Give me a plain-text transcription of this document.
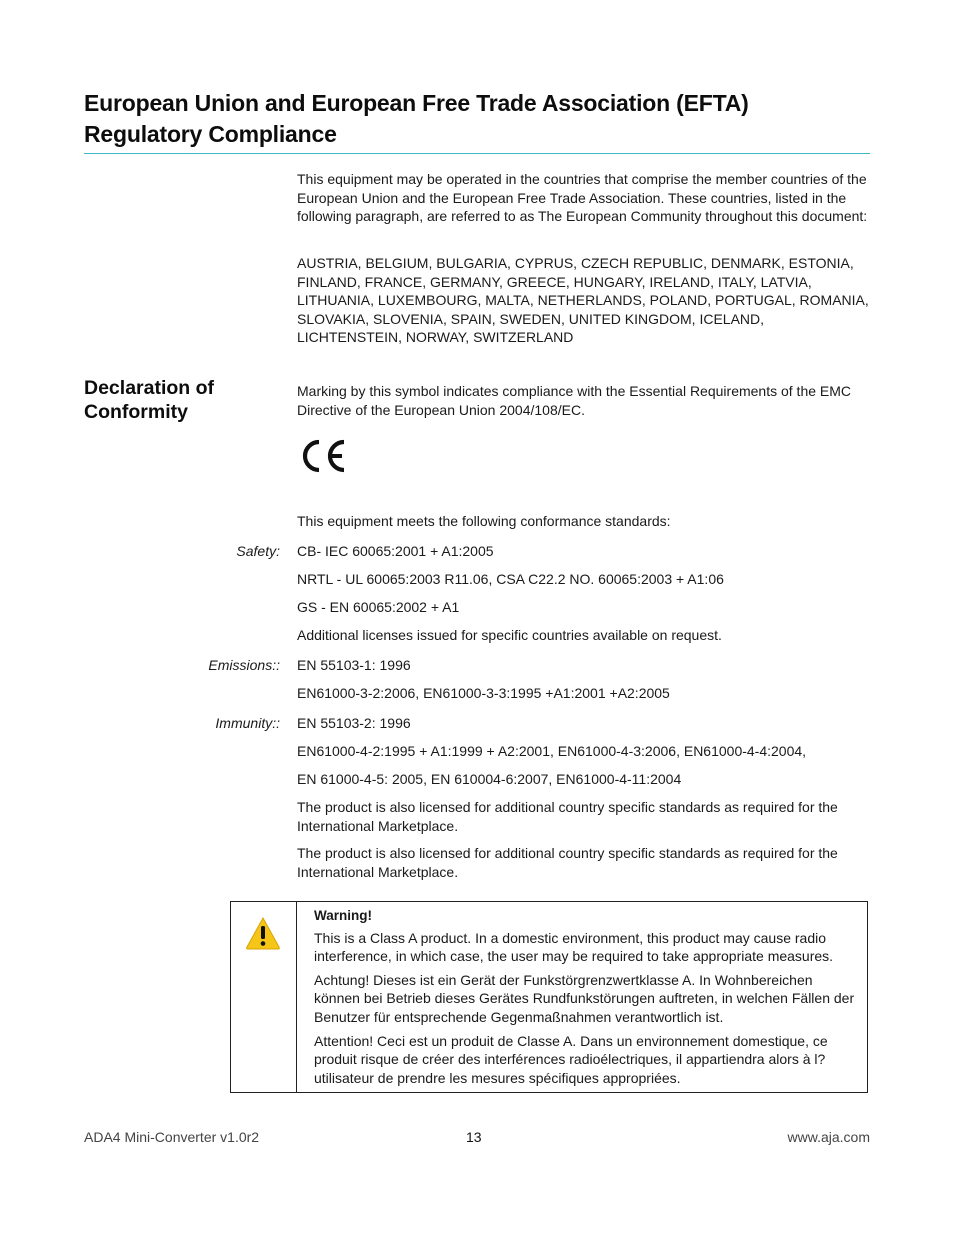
European Union and European Free Trade Association (EFTA)
Regulatory Compliance
This equipment may be operated in the countries that comprise the member countries of the European Union and the European Free Trade Association. These countries, listed in the following paragraph, are referred to as The European Community throughout this document:
AUSTRIA, BELGIUM, BULGARIA, CYPRUS, CZECH REPUBLIC, DENMARK, ESTONIA, FINLAND, FRANCE, GERMANY, GREECE, HUNGARY, IRELAND, ITALY, LATVIA, LITHUANIA, LUXEMBOURG, MALTA, NETHERLANDS, POLAND, PORTUGAL, ROMANIA, SLOVAKIA, SLOVENIA, SPAIN, SWEDEN, UNITED KINGDOM, ICELAND, LICHTENSTEIN, NORWAY, SWITZERLAND
Declaration of Conformity
Marking by this symbol indicates compliance with the Essential Requirements of the EMC Directive of the European Union 2004/108/EC.
This equipment meets the following conformance standards:
Safety: CB- IEC 60065:2001 + A1:2005
NRTL - UL 60065:2003 R11.06, CSA C22.2 NO. 60065:2003 + A1:06
GS - EN 60065:2002 + A1
Additional licenses issued for specific countries available on request.
Emissions:: EN 55103-1: 1996
EN61000-3-2:2006, EN61000-3-3:1995 +A1:2001 +A2:2005
Immunity:: EN 55103-2: 1996
EN61000-4-2:1995 + A1:1999 + A2:2001, EN61000-4-3:2006, EN61000-4-4:2004,
EN 61000-4-5: 2005, EN 610004-6:2007, EN61000-4-11:2004
The product is also licensed for additional country specific standards as required for the International Marketplace.
The product is also licensed for additional country specific standards as required for the International Marketplace.
Warning!
This is a Class A product. In a domestic environment, this product may cause radio interference, in which case, the user may be required to take appropriate measures.
Achtung! Dieses ist ein Gerät der Funkstörgrenzwertklasse A. In Wohnbereichen können bei Betrieb dieses Gerätes Rundfunkstörungen auftreten, in welchen Fällen der Benutzer für entsprechende Gegenmaßnahmen verantwortlich ist.
Attention! Ceci est un produit de Classe A. Dans un environnement domestique, ce produit risque de créer des interférences radioélectriques, il appartiendra alors à l?utilisateur de prendre les mesures spécifiques appropriées.
ADA4 Mini-Converter v1.0r2	13	www.aja.com
